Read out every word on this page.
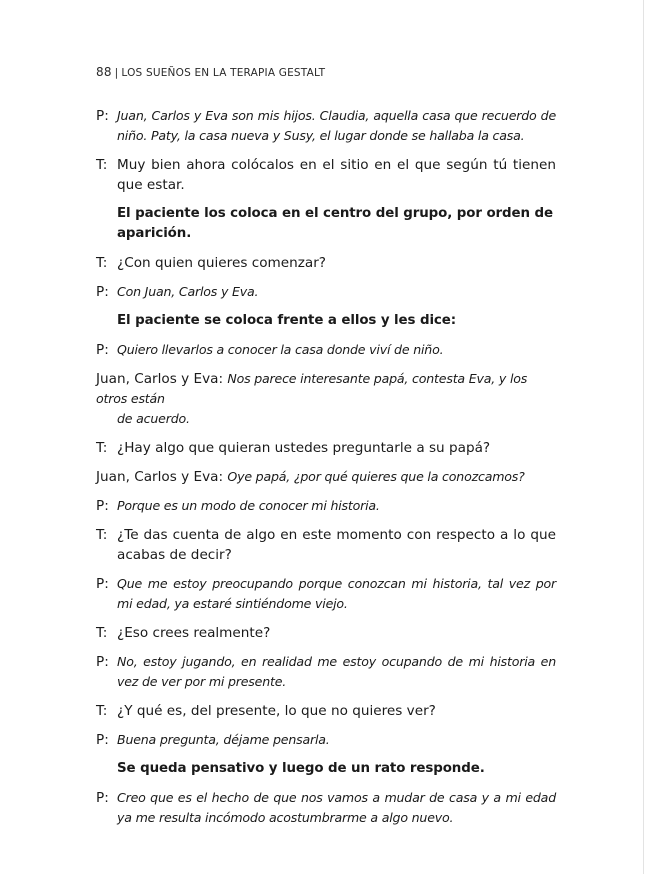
88 | LOS SUEÑOS EN LA TERAPIA GESTALT
P: Juan, Carlos y Eva son mis hijos. Claudia, aquella casa que recuerdo de niño. Paty, la casa nueva y Susy, el lugar donde se hallaba la casa.
T: Muy bien ahora colócalos en el sitio en el que según tú tienen que estar.
El paciente los coloca en el centro del grupo, por orden de aparición.
T: ¿Con quien quieres comenzar?
P: Con Juan, Carlos y Eva.
El paciente se coloca frente a ellos y les dice:
P: Quiero llevarlos a conocer la casa donde viví de niño.
Juan, Carlos y Eva: Nos parece interesante papá, contesta Eva, y los otros están
de acuerdo.
T: ¿Hay algo que quieran ustedes preguntarle a su papá?
Juan, Carlos y Eva: Oye papá, ¿por qué quieres que la conozcamos?
P: Porque es un modo de conocer mi historia.
T: ¿Te das cuenta de algo en este momento con respecto a lo que acabas de decir?
P: Que me estoy preocupando porque conozcan mi historia, tal vez por mi edad, ya estaré sintiéndome viejo.
T: ¿Eso crees realmente?
P: No, estoy jugando, en realidad me estoy ocupando de mi historia en vez de ver por mi presente.
T: ¿Y qué es, del presente, lo que no quieres ver?
P: Buena pregunta, déjame pensarla.
Se queda pensativo y luego de un rato responde.
P: Creo que es el hecho de que nos vamos a mudar de casa y a mi edad ya me resulta incómodo acostumbrarme a algo nuevo.
